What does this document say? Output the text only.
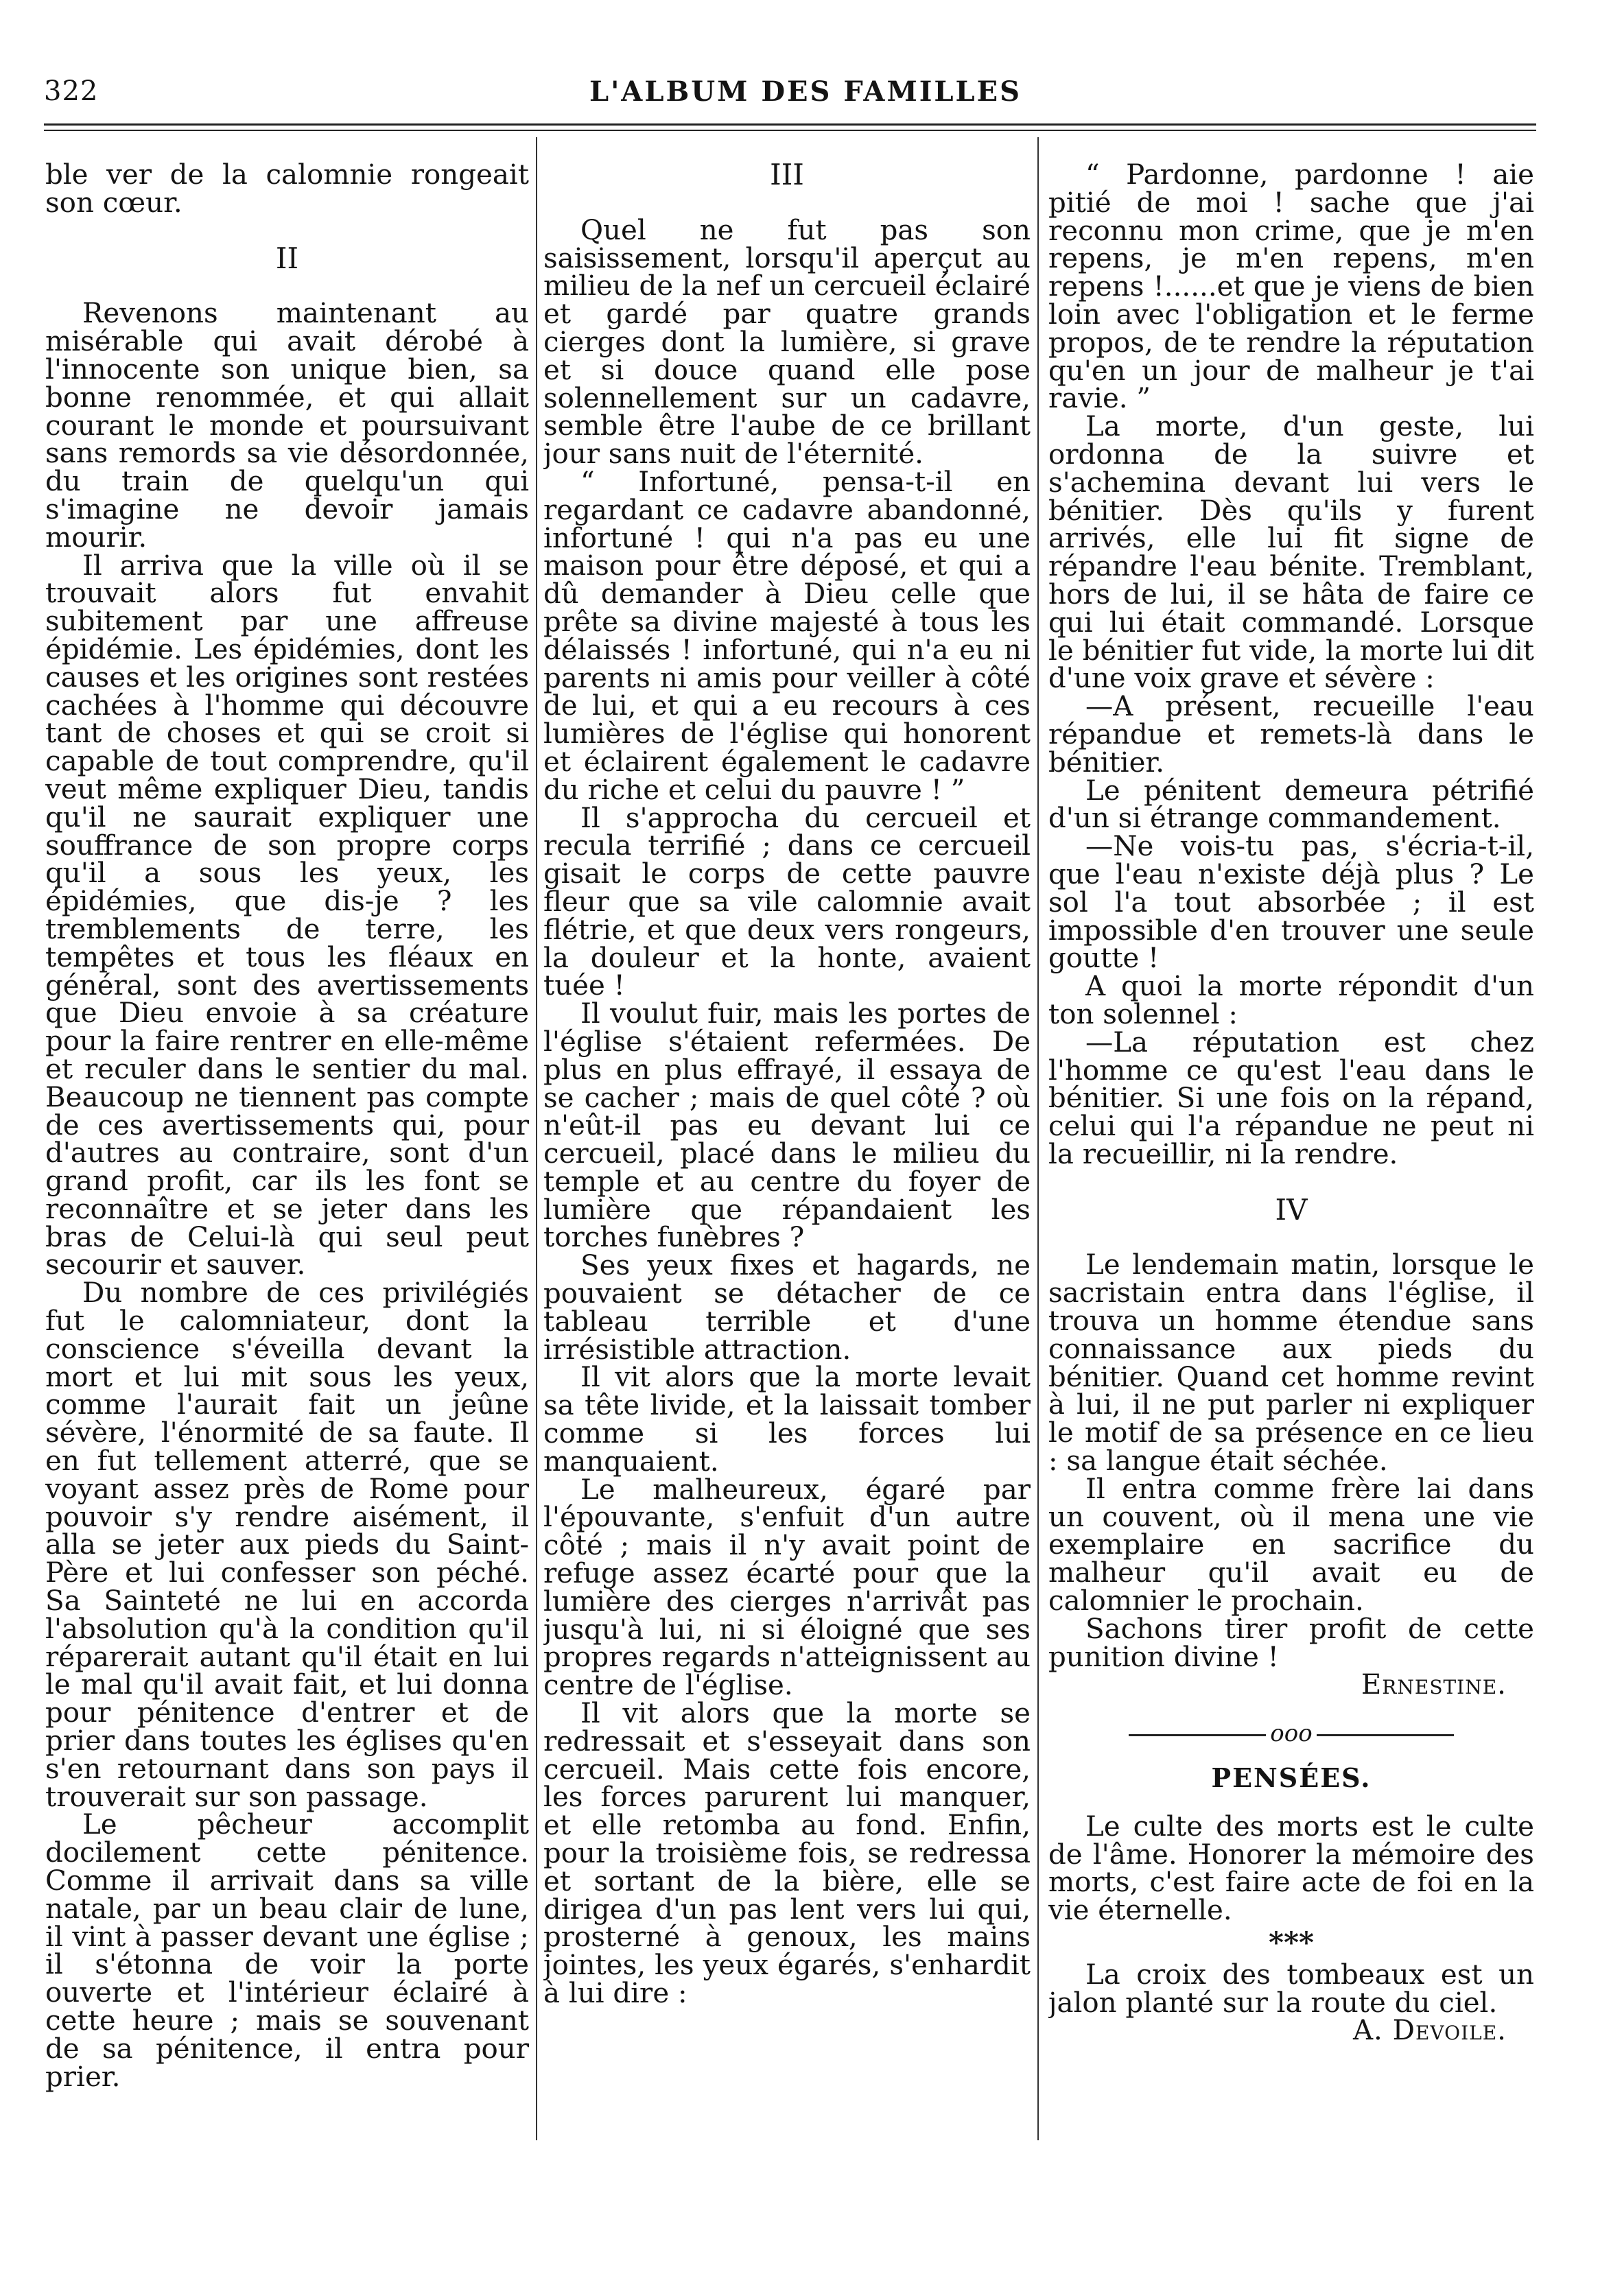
322	L'ALBUM DES FAMILLES

ble ver de la calomnie rongeait son cœur.

II

Revenons maintenant au misérable qui avait dérobé à l'innocente son unique bien, sa bonne renommée, et qui allait courant le monde et poursuivant sans remords sa vie désordonnée, du train de quelqu'un qui s'imagine ne devoir jamais mourir.

Il arriva que la ville où il se trouvait alors fut envahit subitement par une affreuse épidémie. Les épidémies, dont les causes et les origines sont restées cachées à l'homme qui découvre tant de choses et qui se croit si capable de tout comprendre, qu'il veut même expliquer Dieu, tandis qu'il ne saurait expliquer une souffrance de son propre corps qu'il a sous les yeux, les épidémies, que dis-je ? les tremblements de terre, les tempêtes et tous les fléaux en général, sont des avertissements que Dieu envoie à sa créature pour la faire rentrer en elle-même et reculer dans le sentier du mal. Beaucoup ne tiennent pas compte de ces avertissements qui, pour d'autres au contraire, sont d'un grand profit, car ils les font se reconnaître et se jeter dans les bras de Celui-là qui seul peut secourir et sauver.

Du nombre de ces privilégiés fut le calomniateur, dont la conscience s'éveilla devant la mort et lui mit sous les yeux, comme l'aurait fait un jeûne sévère, l'énormité de sa faute. Il en fut tellement atterré, que se voyant assez près de Rome pour pouvoir s'y rendre aisément, il alla se jeter aux pieds du Saint-Père et lui confesser son péché. Sa Sainteté ne lui en accorda l'absolution qu'à la condition qu'il réparerait autant qu'il était en lui le mal qu'il avait fait, et lui donna pour pénitence d'entrer et de prier dans toutes les églises qu'en s'en retournant dans son pays il trouverait sur son passage.

Le pêcheur accomplit docilement cette pénitence. Comme il arrivait dans sa ville natale, par un beau clair de lune, il vint à passer devant une église ; il s'étonna de voir la porte ouverte et l'intérieur éclairé à cette heure ; mais se souvenant de sa pénitence, il entra pour prier.

III

Quel ne fut pas son saisissement, lorsqu'il aperçut au milieu de la nef un cercueil éclairé et gardé par quatre grands cierges dont la lumière, si grave et si douce quand elle pose solennellement sur un cadavre, semble être l'aube de ce brillant jour sans nuit de l'éternité.

“ Infortuné, pensa-t-il en regardant ce cadavre abandonné, infortuné ! qui n'a pas eu une maison pour être déposé, et qui a dû demander à Dieu celle que prête sa divine majesté à tous les délaissés ! infortuné, qui n'a eu ni parents ni amis pour veiller à côté de lui, et qui a eu recours à ces lumières de l'église qui honorent et éclairent également le cadavre du riche et celui du pauvre ! ”

Il s'approcha du cercueil et recula terrifié ; dans ce cercueil gisait le corps de cette pauvre fleur que sa vile calomnie avait flétrie, et que deux vers rongeurs, la douleur et la honte, avaient tuée !

Il voulut fuir, mais les portes de l'église s'étaient refermées. De plus en plus effrayé, il essaya de se cacher ; mais de quel côté ? où n'eût-il pas eu devant lui ce cercueil, placé dans le milieu du temple et au centre du foyer de lumière que répandaient les torches funèbres ?

Ses yeux fixes et hagards, ne pouvaient se détacher de ce tableau terrible et d'une irrésistible attraction.

Il vit alors que la morte levait sa tête livide, et la laissait tomber comme si les forces lui manquaient.

Le malheureux, égaré par l'épouvante, s'enfuit d'un autre côté ; mais il n'y avait point de refuge assez écarté pour que la lumière des cierges n'arrivât pas jusqu'à lui, ni si éloigné que ses propres regards n'atteignissent au centre de l'église.

Il vit alors que la morte se redressait et s'esseyait dans son cercueil. Mais cette fois encore, les forces parurent lui manquer, et elle retomba au fond. Enfin, pour la troisième fois, se redressa et sortant de la bière, elle se dirigea d'un pas lent vers lui qui, prosterné à genoux, les mains jointes, les yeux égarés, s'enhardit à lui dire :

“ Pardonne, pardonne ! aie pitié de moi ! sache que j'ai reconnu mon crime, que je m'en repens, je m'en repens, m'en repens !......et que je viens de bien loin avec l'obligation et le ferme propos, de te rendre la réputation qu'en un jour de malheur je t'ai ravie. ”

La morte, d'un geste, lui ordonna de la suivre et s'achemina devant lui vers le bénitier. Dès qu'ils y furent arrivés, elle lui fit signe de répandre l'eau bénite. Tremblant, hors de lui, il se hâta de faire ce qui lui était commandé. Lorsque le bénitier fut vide, la morte lui dit d'une voix grave et sévère :

—A présent, recueille l'eau répandue et remets-là dans le bénitier.

Le pénitent demeura pétrifié d'un si étrange commandement.

—Ne vois-tu pas, s'écria-t-il, que l'eau n'existe déjà plus ? Le sol l'a tout absorbée ; il est impossible d'en trouver une seule goutte !

A quoi la morte répondit d'un ton solennel :

—La réputation est chez l'homme ce qu'est l'eau dans le bénitier. Si une fois on la répand, celui qui l'a répandue ne peut ni la recueillir, ni la rendre.

IV

Le lendemain matin, lorsque le sacristain entra dans l'église, il trouva un homme étendue sans connaissance aux pieds du bénitier. Quand cet homme revint à lui, il ne put parler ni expliquer le motif de sa présence en ce lieu : sa langue était séchée.

Il entra comme frère lai dans un couvent, où il mena une vie exemplaire en sacrifice du malheur qu'il avait eu de calomnier le prochain.

Sachons tirer profit de cette punition divine !

Ernestine.
ooo
PENSÉES.

Le culte des morts est le culte de l'âme. Honorer la mémoire des morts, c'est faire acte de foi en la vie éternelle.

***

La croix des tombeaux est un jalon planté sur la route du ciel.

A. Devoile.
